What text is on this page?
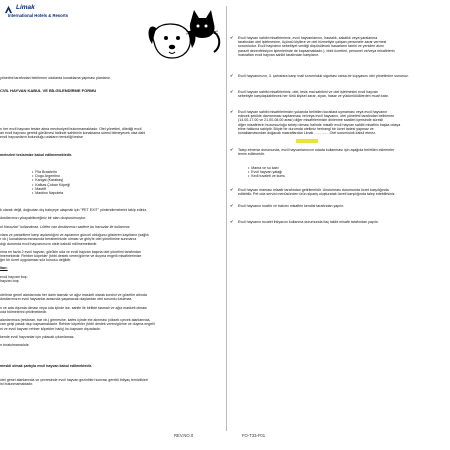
Limak
International Hotels & Resorts
yönetimi tarafından belirlenen odalarda konaklama yapması planlanır.
CVİL HAYVAN KABUL VE BİLGİLENDİRME FORMU
n her evcil hayvanı tesise alma mecburiyeti bulunmamaktadır. Otel yönetimi, dilediği evcil
an evcil hayvanı gerekli görülmesi halinde sahibinin konaklama süresi bitmeyecek olsa dahi
evcil hayvanların bulunduğu odaların temizliği tesise
melezleri tesisimize kabul edilmemektedir.
• Fila Brasileiro
• Dogo Argentino
• Kangal (Karabaş)
• Kafkas Çoban Köpeği
• Mastiff
• Mastino Napoleta
k olarak değil, doğrudan dış bahçeye ulaşmak için "PET EXIT" yönlendirmelerini takip ediniz.
dostlarımızı yıkayabileceğiniz bir alan oluşturulmuştur.
ol Havuzlar" kullanılmaz. Lütfen can dostlarımızı sadece bu havuzlar ile kullanınız.
vlara ve parazitlere karşı aşılandığını ve aşılarının güncel olduğunu gösteren kayıtların (sağlık
r vb.) konaklama esnasında beraberinizde olması ve giriş'te otel yönetimine sunmanız
dığı durumda evcil hayvanınızın otele kabulü edilmemektedir.
nma en fazla 2 evcil hayvan, görükle oda ve evcil hayvan başına otel yönetimi tarafından
lmemektedir. Rehber köpekler (tıbbi destek veren/görme ve duyma engelli misafirlerimize
ğer bir ücret uygulaması söz konusu değildir.
lları:
evcil hayvan boş:
hayvan boş:
otelimiz genel alanlarında her daim tasmalı ve ağız maskeli olarak kontrol ve gözetim altında
dostlarımızın evcil hayvanlar arasında yaşanacak olaylardan otel sorumlu tutulmaz.
n ve ada dışında olması veya oda içinde ise, sahibi ile birlikte tasmalı ve ağız maskeli olması
oda bölmelerini çekilmektedir.
alanlarımıza (restoran, bar vb.) girmesine, kafes içinde ele alınması yüksek ıçecek alanlarında,
van girişi yasak olup kapsamaktadır. Rehber köpekler (tıbbi destek veren/görme ve duyma engelli
ni ve evcil hayvan rehber köpekler hariç) bu kapsam dışındadır.
kende evcil hayvanlar için yıkacak çıkarılamaz.
n bırakılmamalıdır.
meskli olmak şartıyla evcil hayvan kabul edilmektedir.
otel genel alanlarında ve çevresinde evcil hayvan gezintileri sonrası gerekli ihtiyaç temizlikleri
ini bulunmamaktadır.
✔ Evcil hayvan sahibi misafirlerimiz, evcil hayvanlarının, hastalık, sakatlık veya yaralanma
tarafından otel işletmesine, üçüncü kişilere ve otel hizmetiyle çalışan personele zarar vermesi
sorumludur. Evcil hayvanın sebebiyet verdiği düşünülecek hasarların tamiri ve yeniden alımı
parazit dezenfeksiyon işlemlerinde de kapsamaktadır.), tıbbi ücretleri, personel ve/veya misafirlerin
masrafları evcil hayvan sahibi tarafından karşılanır.
✔ Evcil hayvanınızın, 3. şahıslara karşı mali sorumluluk sigortası varsa bir kopyasını otel yönetimine sununuz.
✔ Evcil hayvan sahibi misafirlerimiz, otel, tesis mal sahibini ve otel işletmesini evcil hayvan
sebebiyle karşılaşılabilecek her türlü kişisel zarar, ziyan, hasar ve yükümlülüklerden muaf tutar.
✔ Evcil hayvan sahibi misafirlerimizin yukarıda belirtilen kurallara uymaması veya evcil hayvanın
edecek şekilde davranması saptanması ve/veya evcil hayvanın, otel yönetimi tarafından belirlenen
(14.00-17.00 ve 21.00-08.00 arası) diğer misafirlerimizin dinlenme saatleri içerisinde sürekli
diğer misafirlerin huzursuzluğu sebep olması halinde misafir evcil hayvan sahibi misafirin başka odaya
eline hakkına sahiptir. Böyle bir durumda otelimiz herhangi bir ücret iadesi yapmaz ve
konaklamasından doğacak masraflardan Limak ………… Otel sorumluluk kabul etmez.
✔ Talep etmeniz durumunda, evcil hayvanlarınızın odada kullanması için aşağıda belirtilen eklemeler
temin edilecektir.
• Mama ve su kabı
• Evcil hayvan yatağı
• Kedi tuvaleti ve kumu
✔ Evcil hayvan maması misafir tarafından getirilmelidir. Unutulması durumunda ücret karşılığında
edilebilir. Pet oda servisi menüsünden ürün sipariş oluşturarak ücreti karşılığında talep edebilirsiniz.
✔ Evcil hayvanın kuaför ve bakımı misafirin kendisi tarafından yapılır.
✔ Evcil hayvanın tuvalet ihtiyacını kullanma durumunda ilaç takibi misafir tarafından yapılır.
REV.NO.0	FO-T33-F01
